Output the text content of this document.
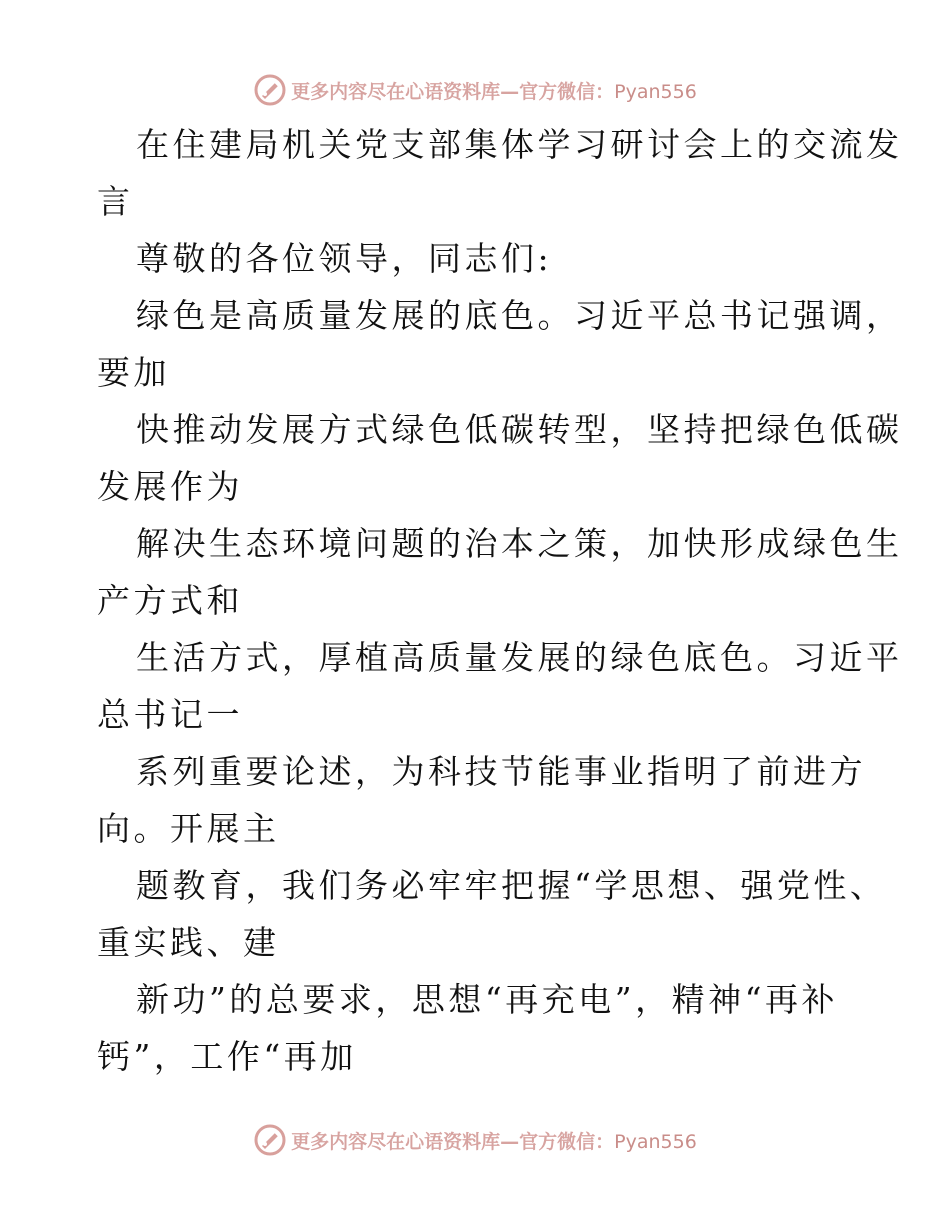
更多内容尽在心语资料库—官方微信：Pyan556
在住建局机关党支部集体学习研讨会上的交流发
言
尊敬的各位领导，同志们:
绿色是高质量发展的底色。习近平总书记强调，
要加
快推动发展方式绿色低碳转型，坚持把绿色低碳
发展作为
解决生态环境问题的治本之策，加快形成绿色生
产方式和
生活方式，厚植高质量发展的绿色底色。习近平
总书记一
系列重要论述，为科技节能事业指明了前进方
向。开展主
题教育，我们务必牢牢把握“学思想、强党性、
重实践、建
新功”的总要求，思想“再充电”，精神“再补
钙”，工作“再加
更多内容尽在心语资料库—官方微信：Pyan556
